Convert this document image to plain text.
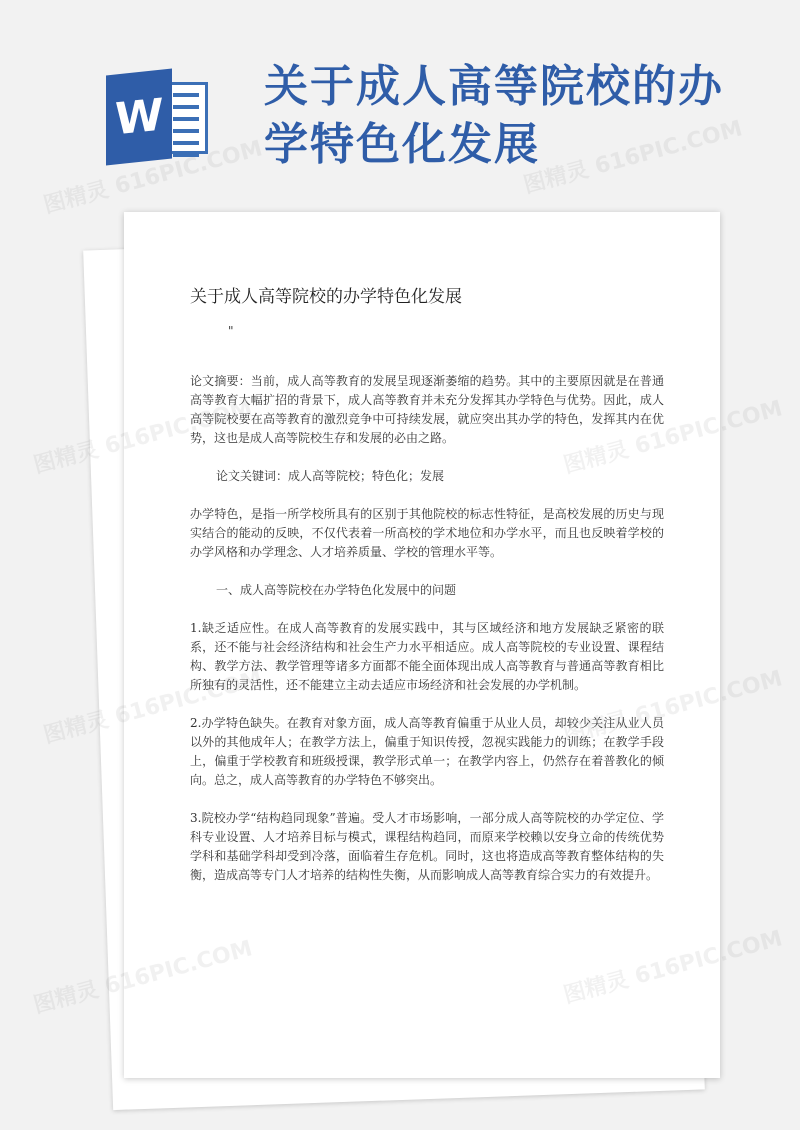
W
关于成人高等院校的办学特色化发展
关于成人高等院校的办学特色化发展
"

论文摘要：当前，成人高等教育的发展呈现逐渐萎缩的趋势。其中的主要原因就是在普通高等教育大幅扩招的背景下，成人高等教育并未充分发挥其办学特色与优势。因此，成人高等院校要在高等教育的激烈竞争中可持续发展，就应突出其办学的特色，发挥其内在优势，这也是成人高等院校生存和发展的必由之路。

论文关键词：成人高等院校；特色化；发展

办学特色，是指一所学校所具有的区别于其他院校的标志性特征，是高校发展的历史与现实结合的能动的反映，不仅代表着一所高校的学术地位和办学水平，而且也反映着学校的办学风格和办学理念、人才培养质量、学校的管理水平等。

一、成人高等院校在办学特色化发展中的问题

1.缺乏适应性。在成人高等教育的发展实践中，其与区域经济和地方发展缺乏紧密的联系，还不能与社会经济结构和社会生产力水平相适应。成人高等院校的专业设置、课程结构、教学方法、教学管理等诸多方面都不能全面体现出成人高等教育与普通高等教育相比所独有的灵活性，还不能建立主动去适应市场经济和社会发展的办学机制。

2.办学特色缺失。在教育对象方面，成人高等教育偏重于从业人员，却较少关注从业人员以外的其他成年人；在教学方法上，偏重于知识传授，忽视实践能力的训练；在教学手段上，偏重于学校教育和班级授课，教学形式单一；在教学内容上，仍然存在着普教化的倾向。总之，成人高等教育的办学特色不够突出。

3.院校办学“结构趋同现象”普遍。受人才市场影响，一部分成人高等院校的办学定位、学科专业设置、人才培养目标与模式，课程结构趋同，而原来学校赖以安身立命的传统优势学科和基础学科却受到冷落，面临着生存危机。同时，这也将造成高等教育整体结构的失衡，造成高等专门人才培养的结构性失衡，从而影响成人高等教育综合实力的有效提升。

图精灵 616PIC.COM	图精灵 616PIC.COM
图精灵
图精灵
图精灵
